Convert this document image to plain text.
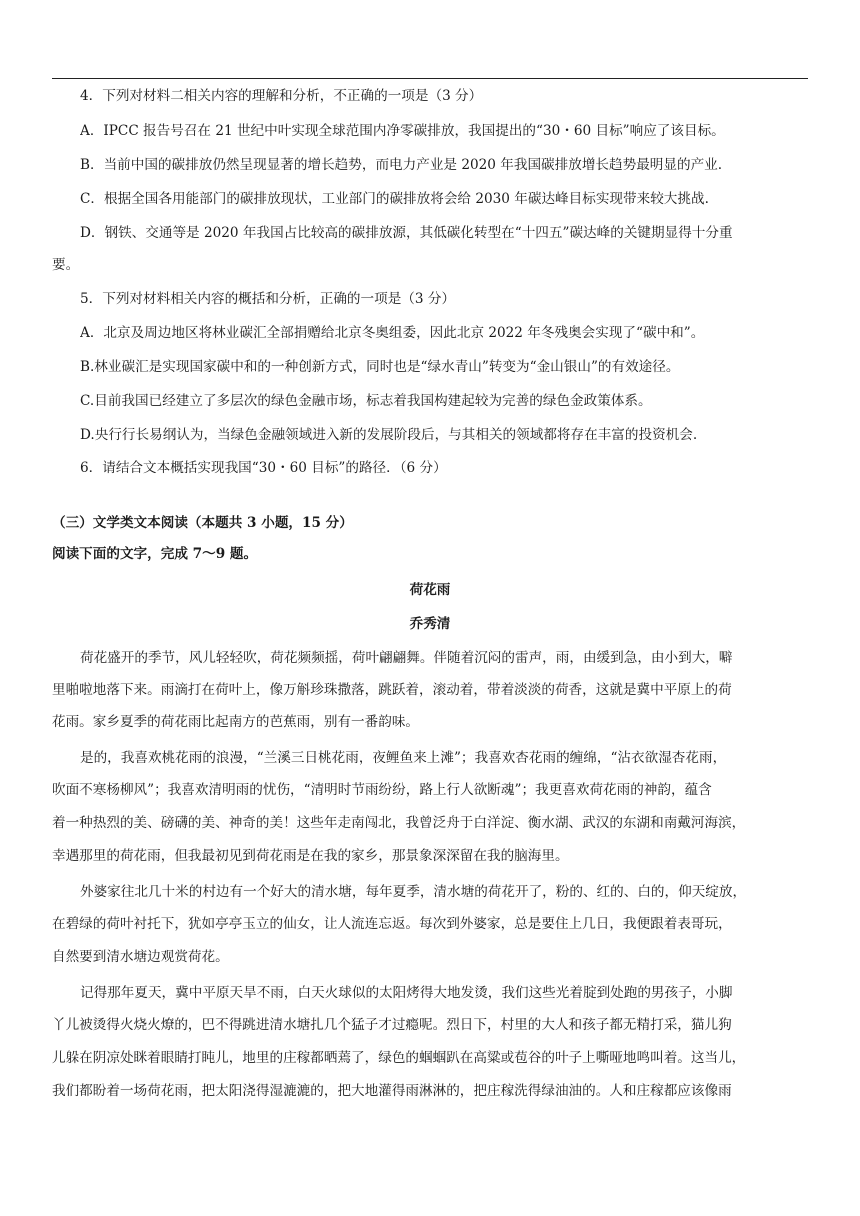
4．下列对材料二相关内容的理解和分析，不正确的一项是（3 分）
A．IPCC 报告号召在 21 世纪中叶实现全球范围内净零碳排放，我国提出的“30・60 目标”响应了该目标。
B．当前中国的碳排放仍然呈现显著的增长趋势，而电力产业是 2020 年我国碳排放增长趋势最明显的产业.
C．根据全国各用能部门的碳排放现状，工业部门的碳排放将会给 2030 年碳达峰目标实现带来较大挑战.
D．钢铁、交通等是 2020 年我国占比较高的碳排放源，其低碳化转型在“十四五”碳达峰的关键期显得十分重
要。
5．下列对材料相关内容的概括和分析，正确的一项是（3 分）
A．北京及周边地区将林业碳汇全部捐赠给北京冬奥组委，因此北京 2022 年冬残奥会实现了“碳中和”。
B.林业碳汇是实现国家碳中和的一种创新方式，同时也是“绿水青山”转变为“金山银山”的有效途径。
C.目前我国已经建立了多层次的绿色金融市场，标志着我国构建起较为完善的绿色金政策体系。
D.央行行长易纲认为，当绿色金融领域进入新的发展阶段后，与其相关的领域都将存在丰富的投资机会.
6．请结合文本概括实现我国“30・60 目标”的路径．（6 分）
（三）文学类文本阅读（本题共 3 小题，15 分）
阅读下面的文字，完成 7～9 题。
荷花雨
乔秀清
荷花盛开的季节，风儿轻轻吹，荷花频频摇，荷叶翩翩舞。伴随着沉闷的雷声，雨，由缓到急，由小到大，噼
里啪啦地落下来。雨滴打在荷叶上，像万斛珍珠撒落，跳跃着，滚动着，带着淡淡的荷香，这就是冀中平原上的荷
花雨。家乡夏季的荷花雨比起南方的芭蕉雨，别有一番韵味。
是的，我喜欢桃花雨的浪漫，“兰溪三日桃花雨，夜鲤鱼来上滩”；我喜欢杏花雨的缠绵，“沾衣欲湿杏花雨，
吹面不寒杨柳风”；我喜欢清明雨的忧伤，“清明时节雨纷纷，路上行人欲断魂”；我更喜欢荷花雨的神韵，蕴含
着一种热烈的美、磅礴的美、神奇的美！这些年走南闯北，我曾泛舟于白洋淀、衡水湖、武汉的东湖和南戴河海滨，
幸遇那里的荷花雨，但我最初见到荷花雨是在我的家乡，那景象深深留在我的脑海里。
外婆家往北几十米的村边有一个好大的清水塘，每年夏季，清水塘的荷花开了，粉的、红的、白的，仰天绽放，
在碧绿的荷叶衬托下，犹如亭亭玉立的仙女，让人流连忘返。每次到外婆家，总是要住上几日，我便跟着表哥玩，
自然要到清水塘边观赏荷花。
记得那年夏天，冀中平原天旱不雨，白天火球似的太阳烤得大地发烫，我们这些光着腚到处跑的男孩子，小脚
丫儿被烫得火烧火燎的，巴不得跳进清水塘扎几个猛子才过瘾呢。烈日下，村里的大人和孩子都无精打采，猫儿狗
儿躲在阴凉处眯着眼睛打盹儿，地里的庄稼都晒蔫了，绿色的蝈蝈趴在高粱或苞谷的叶子上嘶哑地鸣叫着。这当儿，
我们都盼着一场荷花雨，把太阳浇得湿漉漉的，把大地灌得雨淋淋的，把庄稼洗得绿油油的。人和庄稼都应该像雨
